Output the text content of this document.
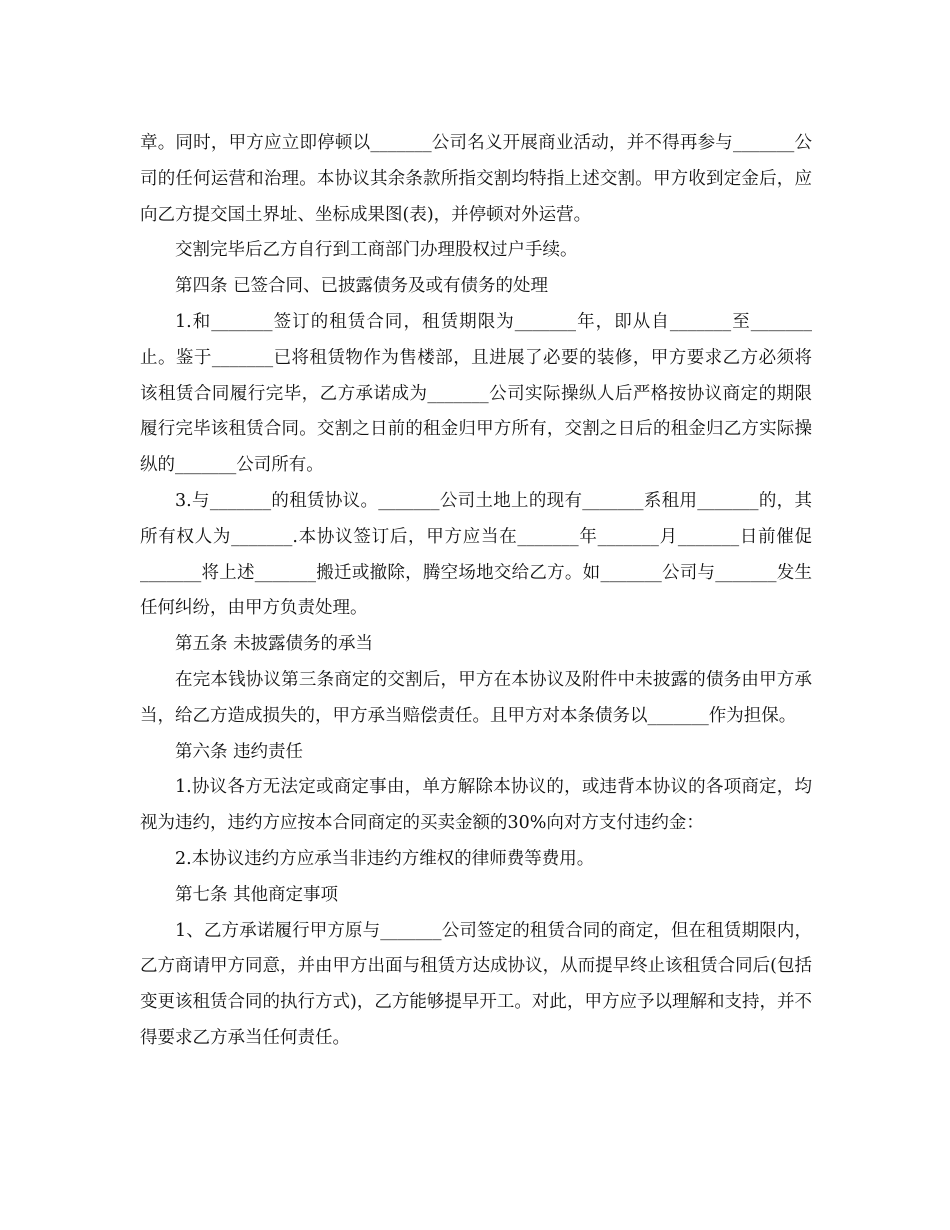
章。同时，甲方应立即停顿以_______公司名义开展商业活动，并不得再参与_______公司的任何运营和治理。本协议其余条款所指交割均特指上述交割。甲方收到定金后，应向乙方提交国土界址、坐标成果图(表)，并停顿对外运营。

交割完毕后乙方自行到工商部门办理股权过户手续。

第四条 已签合同、已披露债务及或有债务的处理

1.和_______签订的租赁合同，租赁期限为_______年，即从自_______至_______止。鉴于_______已将租赁物作为售楼部，且进展了必要的装修，甲方要求乙方必须将该租赁合同履行完毕，乙方承诺成为_______公司实际操纵人后严格按协议商定的期限履行完毕该租赁合同。交割之日前的租金归甲方所有，交割之日后的租金归乙方实际操纵的_______公司所有。

3.与_______的租赁协议。_______公司土地上的现有_______系租用_______的，其所有权人为_______.本协议签订后，甲方应当在_______年_______月_______日前催促_______将上述_______搬迁或撤除，腾空场地交给乙方。如_______公司与_______发生任何纠纷，由甲方负责处理。

第五条 未披露债务的承当

在完本钱协议第三条商定的交割后，甲方在本协议及附件中未披露的债务由甲方承当，给乙方造成损失的，甲方承当赔偿责任。且甲方对本条债务以_______作为担保。

第六条 违约责任

1.协议各方无法定或商定事由，单方解除本协议的，或违背本协议的各项商定，均视为违约，违约方应按本合同商定的买卖金额的30%向对方支付违约金：

2.本协议违约方应承当非违约方维权的律师费等费用。

第七条 其他商定事项

1、乙方承诺履行甲方原与_______公司签定的租赁合同的商定，但在租赁期限内，乙方商请甲方同意，并由甲方出面与租赁方达成协议，从而提早终止该租赁合同后(包括变更该租赁合同的执行方式)，乙方能够提早开工。对此，甲方应予以理解和支持，并不得要求乙方承当任何责任。
